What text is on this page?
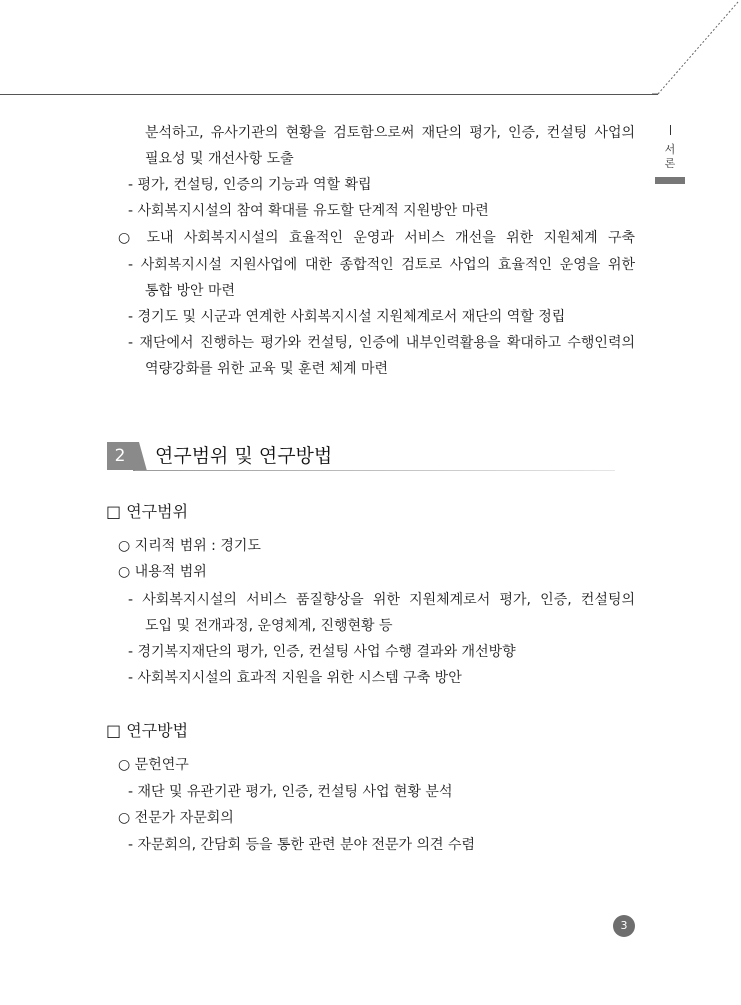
서론
분석하고, 유사기관의 현황을 검토함으로써 재단의 평가, 인증, 컨설팅 사업의
필요성 및 개선사항 도출
- 평가, 컨설팅, 인증의 기능과 역할 확립
- 사회복지시설의 참여 확대를 유도할 단계적 지원방안 마련
○ 도내 사회복지시설의 효율적인 운영과 서비스 개선을 위한 지원체계 구축
- 사회복지시설 지원사업에 대한 종합적인 검토로 사업의 효율적인 운영을 위한
통합 방안 마련
- 경기도 및 시군과 연계한 사회복지시설 지원체계로서 재단의 역할 정립
- 재단에서 진행하는 평가와 컨설팅, 인증에 내부인력활용을 확대하고 수행인력의
역량강화를 위한 교육 및 훈련 체계 마련
2	연구범위 및 연구방법
□ 연구범위
○ 지리적 범위 : 경기도
○ 내용적 범위
- 사회복지시설의 서비스 품질향상을 위한 지원체계로서 평가, 인증, 컨설팅의
도입 및 전개과정, 운영체계, 진행현황 등
- 경기복지재단의 평가, 인증, 컨설팅 사업 수행 결과와 개선방향
- 사회복지시설의 효과적 지원을 위한 시스템 구축 방안
□ 연구방법
○ 문헌연구
- 재단 및 유관기관 평가, 인증, 컨설팅 사업 현황 분석
○ 전문가 자문회의
- 자문회의, 간담회 등을 통한 관련 분야 전문가 의견 수렴
3
